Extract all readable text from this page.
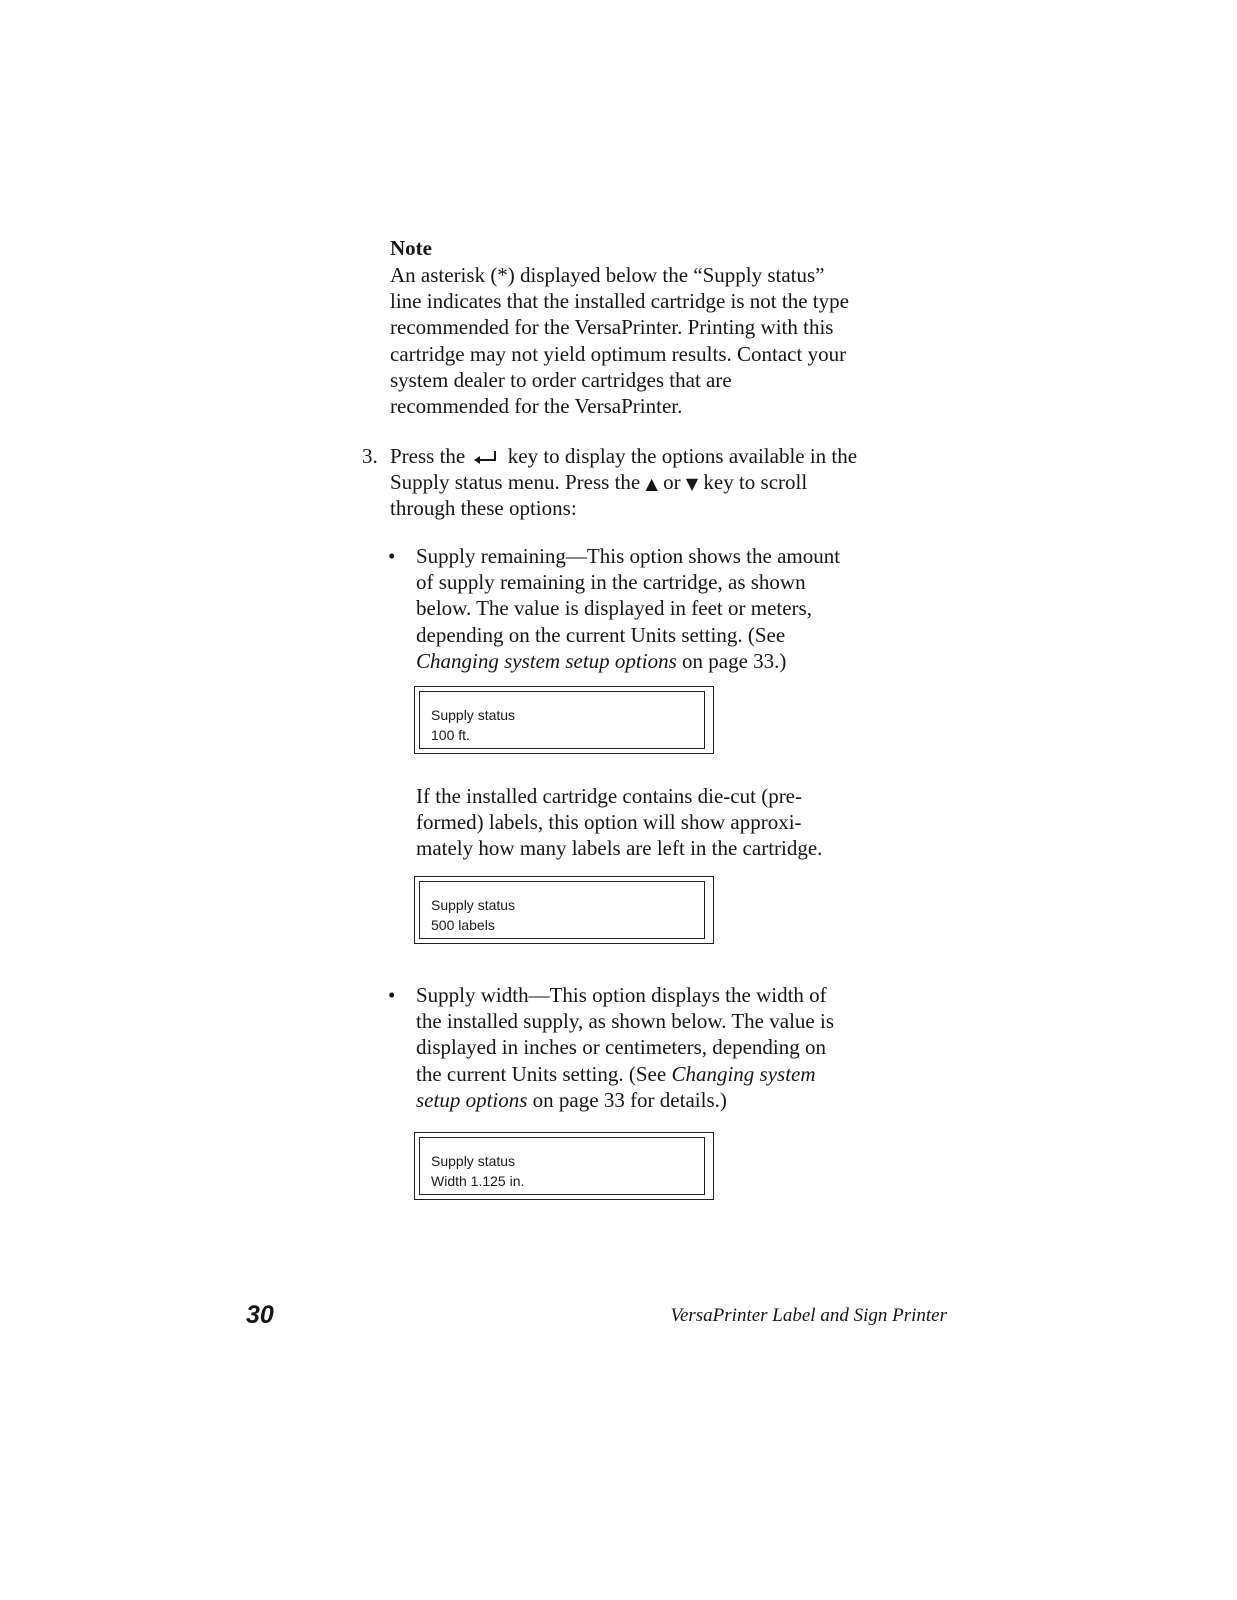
Note
An asterisk (*) displayed below the “Supply status”
line indicates that the installed cartridge is not the type
recommended for the VersaPrinter. Printing with this
cartridge may not yield optimum results. Contact your
system dealer to order cartridges that are
recommended for the VersaPrinter.
3. Press the key to display the options available in the
Supply status menu. Press the ▲ or ▼ key to scroll
through these options:
• Supply remaining—This option shows the amount
of supply remaining in the cartridge, as shown
below. The value is displayed in feet or meters,
depending on the current Units setting. (See
Changing system setup options on page 33.)
Supply status
100 ft.
If the installed cartridge contains die-cut (pre-
formed) labels, this option will show approxi-
mately how many labels are left in the cartridge.
Supply status
500 labels
• Supply width—This option displays the width of
the installed supply, as shown below. The value is
displayed in inches or centimeters, depending on
the current Units setting. (See Changing system
setup options on page 33 for details.)
Supply status
Width 1.125 in.
30	VersaPrinter Label and Sign Printer
